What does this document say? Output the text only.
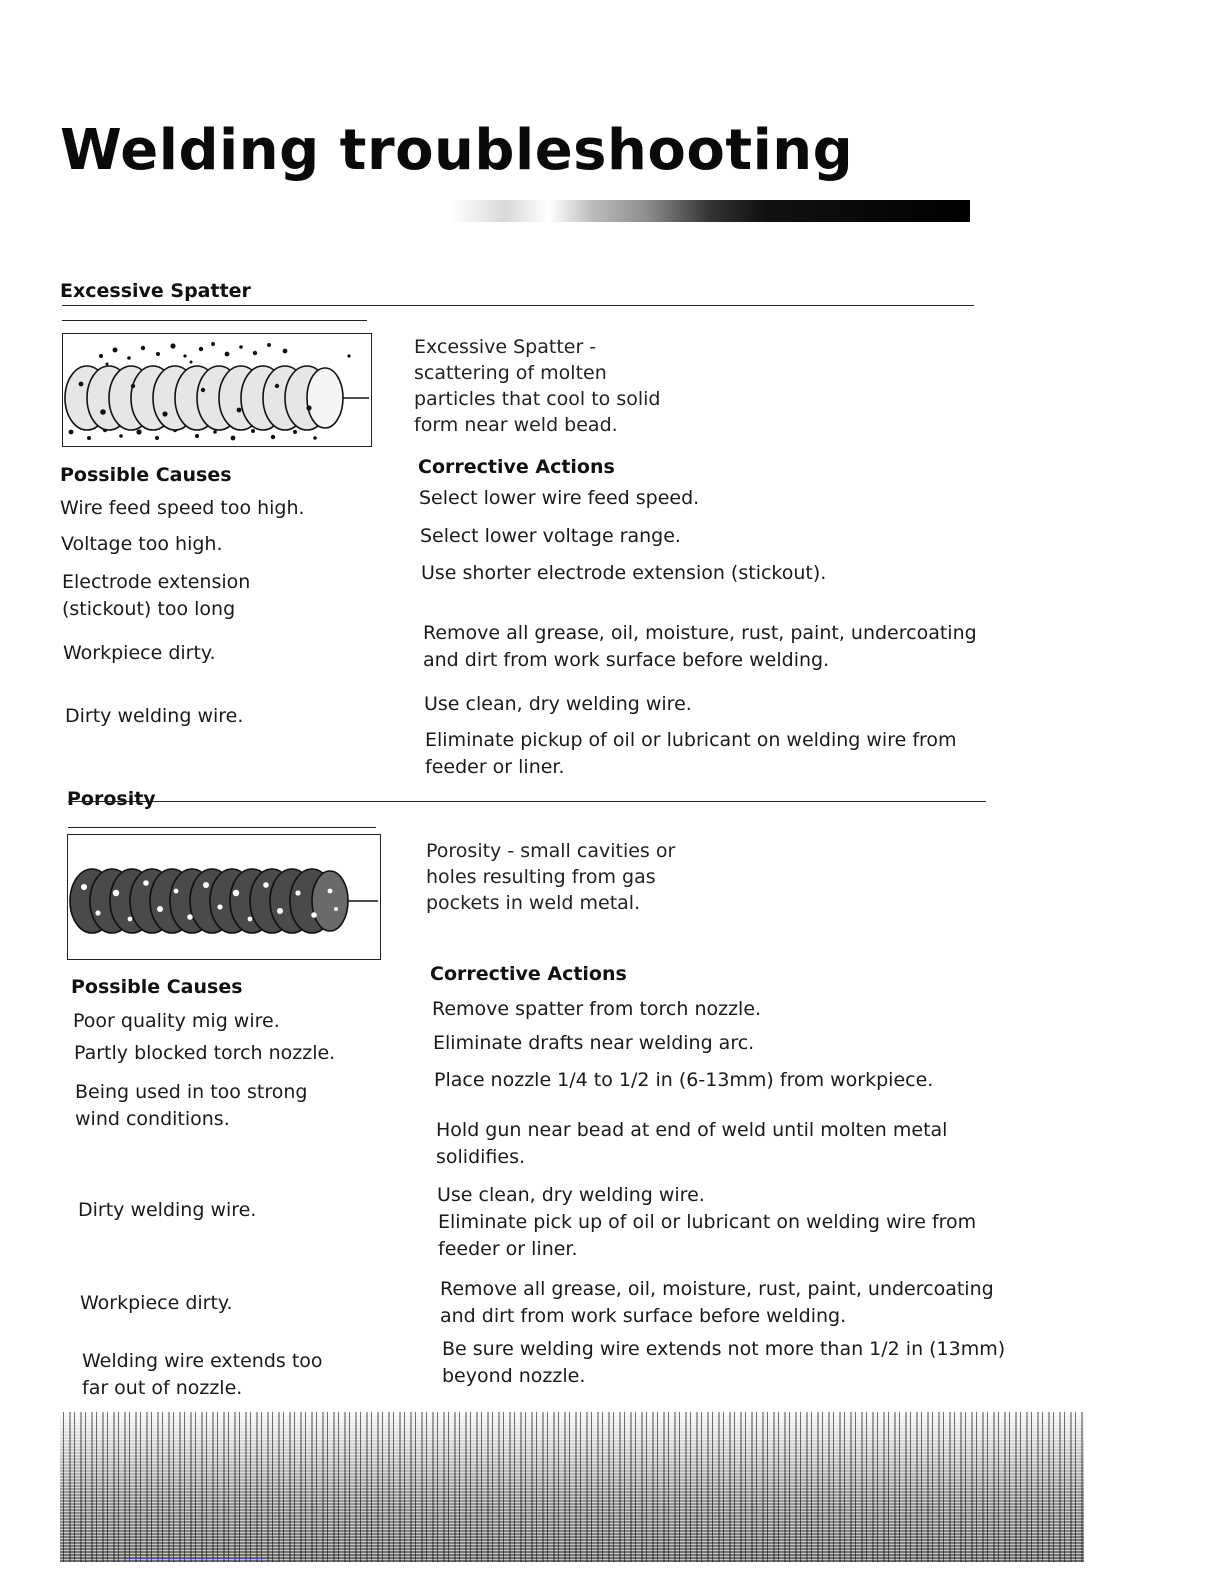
Welding troubleshooting
Excessive Spatter
Excessive Spatter -
scattering of molten
particles that cool to solid
form near weld bead.
Possible Causes	Corrective Actions
Wire feed speed too high.
Voltage too high.
Electrode extension (stickout) too long
Workpiece dirty.
Dirty welding wire.
Select lower wire feed speed.
Select lower voltage range.
Use shorter electrode extension (stickout).
Remove all grease, oil, moisture, rust, paint, undercoating and dirt from work surface before welding.
Use clean, dry welding wire.
Eliminate pickup of oil or lubricant on welding wire from feeder or liner.
Porosity
Porosity - small cavities or
holes resulting from gas
pockets in weld metal.
Possible Causes
Corrective Actions
Poor quality mig wire.
Partly blocked torch nozzle.
Being used in too strong wind conditions.
Dirty welding wire.
Workpiece dirty.
Welding wire extends too far out of nozzle.
Remove spatter from torch nozzle.
Eliminate drafts near welding arc.
Place nozzle 1/4 to 1/2 in (6-13mm) from workpiece.
Hold gun near bead at end of weld until molten metal solidifies.
Use clean, dry welding wire.
Eliminate pick up of oil or lubricant on welding wire from feeder or liner.
Remove all grease, oil, moisture, rust, paint, undercoating and dirt from work surface before welding.
Be sure welding wire extends not more than 1/2 in (13mm) beyond nozzle.
